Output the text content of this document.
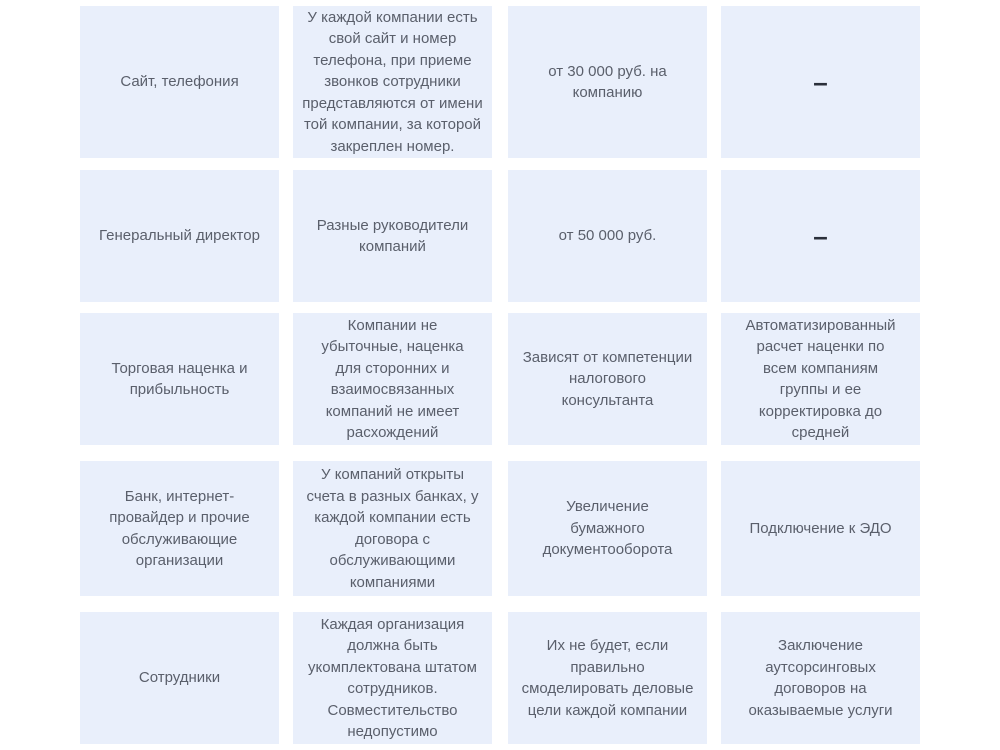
Сайт, телефония
У каждой компании есть
свой сайт и номер
телефона, при приеме
звонков сотрудники
представляются от имени
той компании, за которой
закреплен номер.
от 30 000 руб. на
компанию	–
Генеральный директор
Разные руководители
компаний
от 50 000 руб.	–
Торговая наценка и
прибыльность
Компании не
убыточные, наценка
для сторонних и
взаимосвязанных
компаний не имеет
расхождений
Зависят от компетенции
налогового
консультанта
Автоматизированный
расчет наценки по
всем компаниям
группы и ее
корректировка до
средней
Банк, интернет-
провайдер и прочие
обслуживающие
организации
У компаний открыты
счета в разных банках, у
каждой компании есть
договора с
обслуживающими
компаниями
Увеличение
бумажного
документооборота
Подключение к ЭДО
Сотрудники
Каждая организация
должна быть
укомплектована штатом
сотрудников.
Совместительство
недопустимо
Их не будет, если
правильно
смоделировать деловые
цели каждой компании
Заключение
аутсорсинговых
договоров на
оказываемые услуги
